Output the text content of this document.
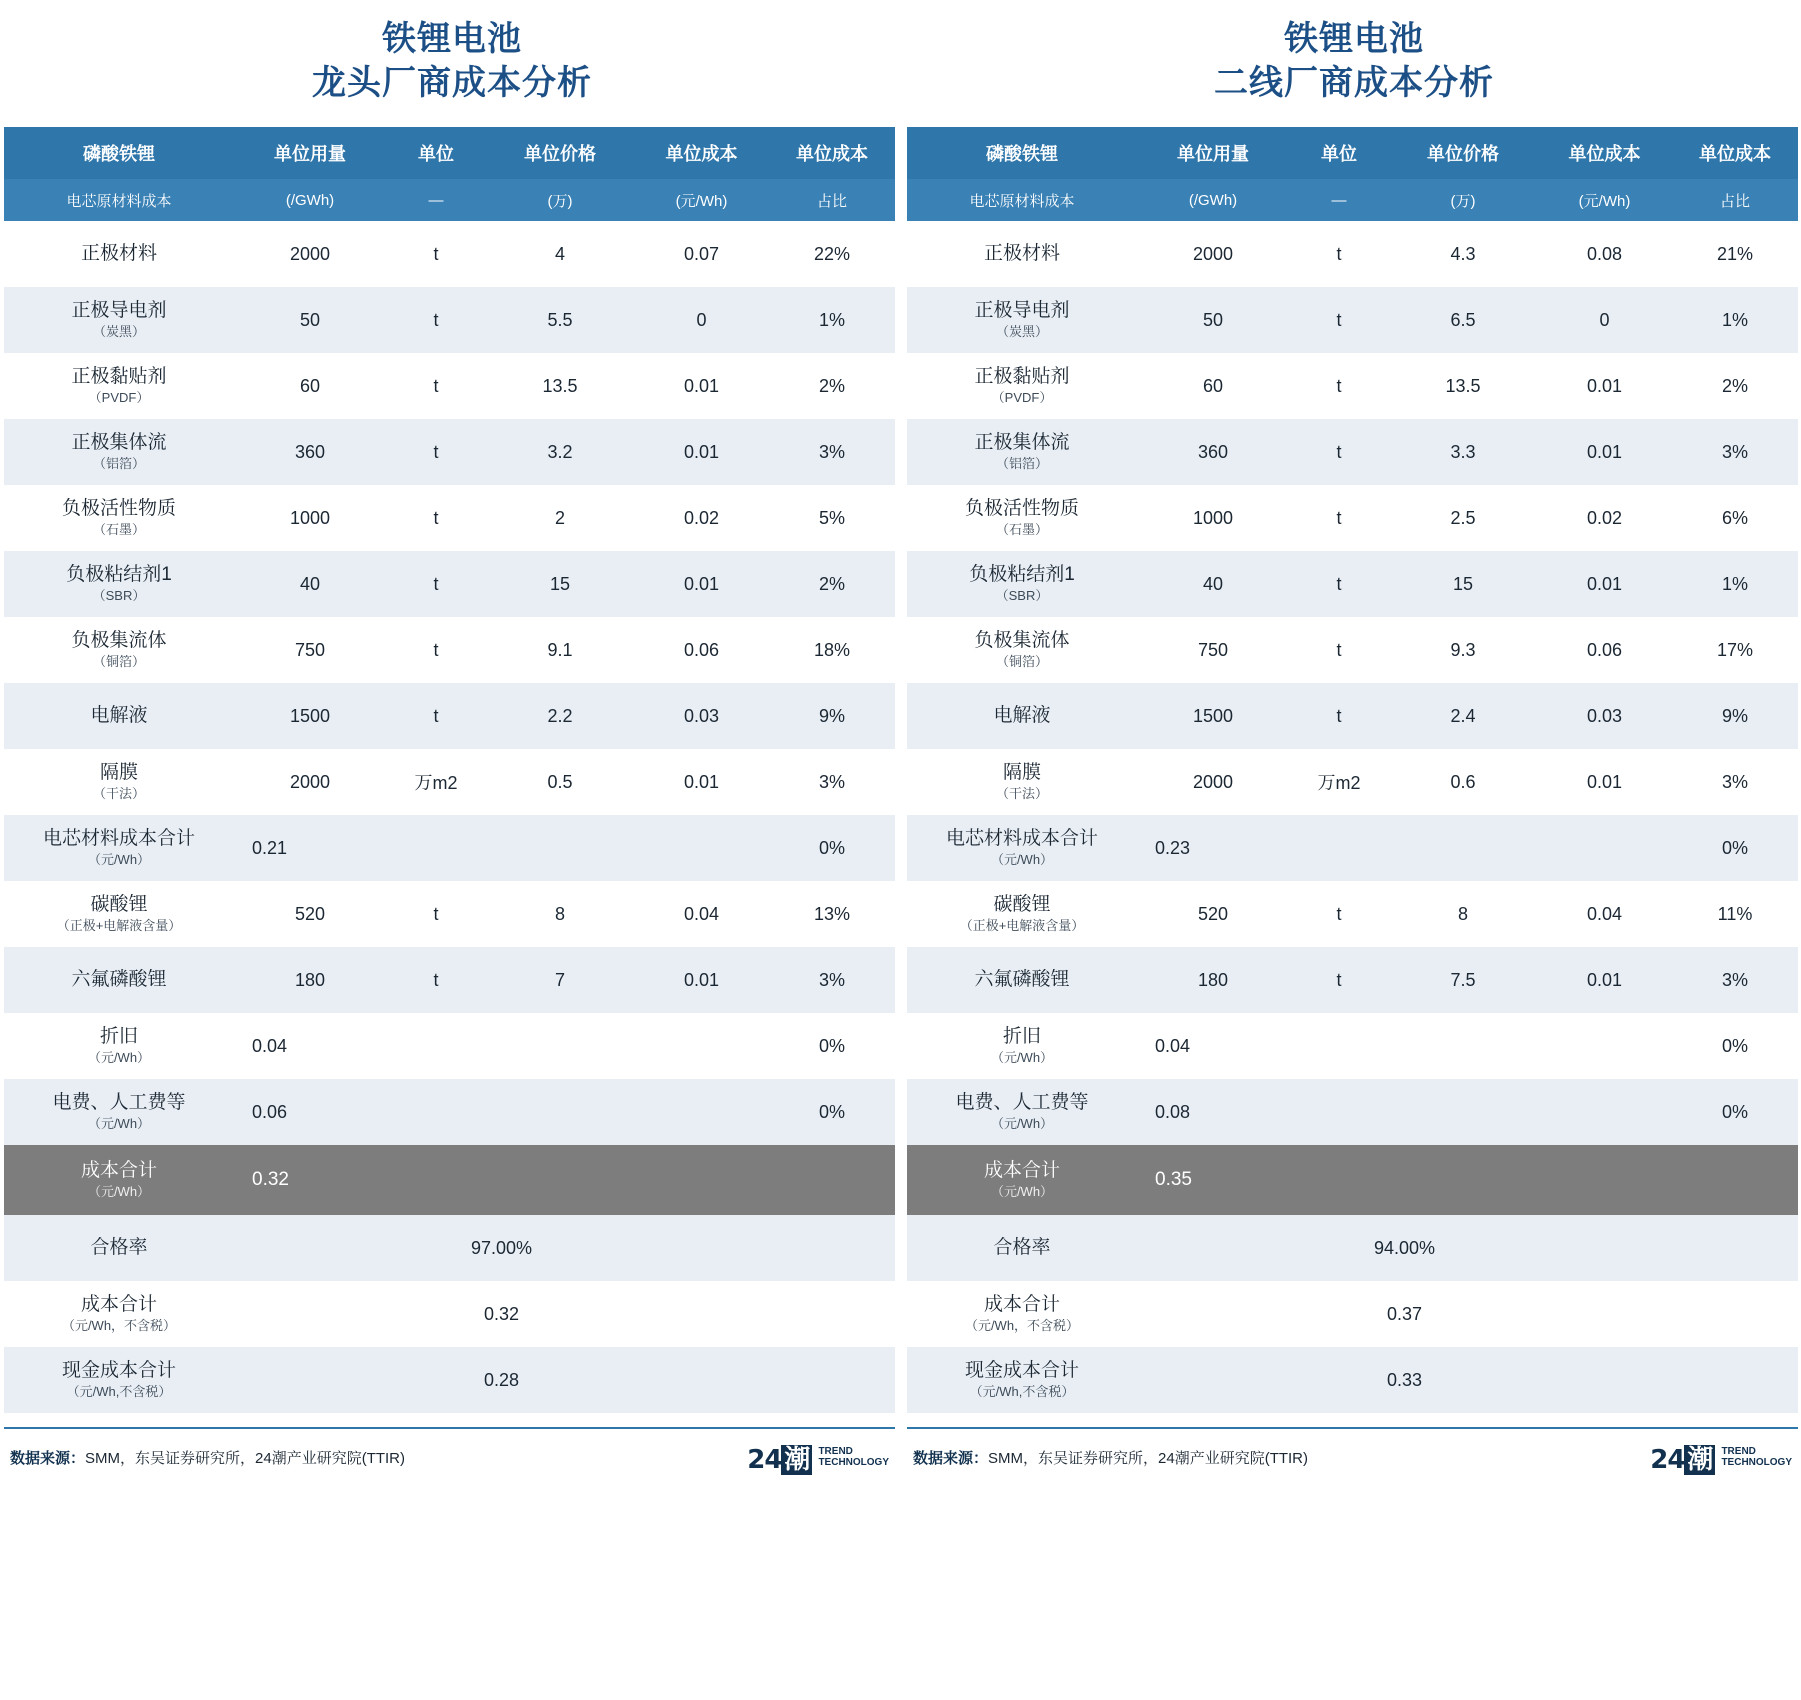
铁锂电池
龙头厂商成本分析
磷酸铁锂	单位用量	单位	单位价格	单位成本	单位成本
电芯原材料成本	(/GWh)	—	(万)	(元/Wh)	占比
正极材料	2000	t	4	0.07	22%
正极导电剂
（炭黑）	50	t	5.5	0	1%
正极黏贴剂
（PVDF）	60	t	13.5	0.01	2%
正极集体流
（铝箔）	360	t	3.2	0.01	3%
负极活性物质
（石墨）	1000	t	2	0.02	5%
负极粘结剂1
（SBR）	40	t	15	0.01	2%
负极集流体
（铜箔）	750	t	9.1	0.06	18%
电解液	1500	t	2.2	0.03	9%
隔膜
（干法）	2000	万m2	0.5	0.01	3%
电芯材料成本合计
（元/Wh）	0.21				0%
碳酸锂
（正极+电解液含量）	520	t	8	0.04	13%
六氟磷酸锂	180	t	7	0.01	3%
折旧
（元/Wh）	0.04				0%
电费、人工费等
（元/Wh）	0.06				0%
成本合计
（元/Wh）	0.32				
合格率	97.00%				
成本合计
（元/Wh，不含税）	0.32				
现金成本合计
（元/Wh,不含税）	0.28				
数据来源：SMM，东吴证券研究所，24潮产业研究院(TTIR)	24 潮 TREND
TECHNOLOGY
铁锂电池
二线厂商成本分析
磷酸铁锂	单位用量	单位	单位价格	单位成本	单位成本
电芯原材料成本	(/GWh)	—	(万)	(元/Wh)	占比
正极材料	2000	t	4.3	0.08	21%
正极导电剂
（炭黑）	50	t	6.5	0	1%
正极黏贴剂
（PVDF）	60	t	13.5	0.01	2%
正极集体流
（铝箔）	360	t	3.3	0.01	3%
负极活性物质
（石墨）	1000	t	2.5	0.02	6%
负极粘结剂1
（SBR）	40	t	15	0.01	1%
负极集流体
（铜箔）	750	t	9.3	0.06	17%
电解液	1500	t	2.4	0.03	9%
隔膜
（干法）	2000	万m2	0.6	0.01	3%
电芯材料成本合计
（元/Wh）	0.23				0%
碳酸锂
（正极+电解液含量）	520	t	8	0.04	11%
六氟磷酸锂	180	t	7.5	0.01	3%
折旧
（元/Wh）	0.04				0%
电费、人工费等
（元/Wh）	0.08				0%
成本合计
（元/Wh）	0.35				
合格率	94.00%				
成本合计
（元/Wh，不含税）	0.37				
现金成本合计
（元/Wh,不含税）	0.33				
数据来源：SMM，东吴证券研究所，24潮产业研究院(TTIR)	24 潮 TREND
TECHNOLOGY
